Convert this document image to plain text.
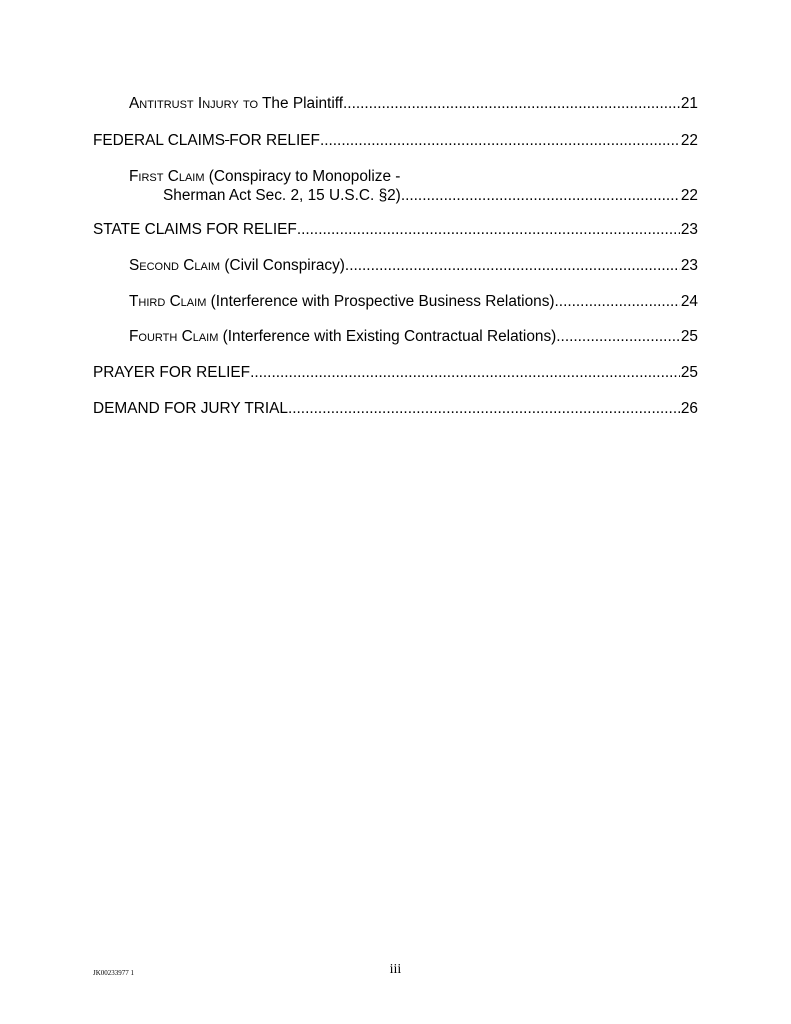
Antitrust Injury to The Plaintiff .....	21
FEDERAL CLAIMS FOR RELIEF .....	22
First Claim (Conspiracy to Monopolize -
Sherman Act Sec. 2, 15 U.S.C. §2) .....	22
STATE CLAIMS FOR RELIEF .....	23
Second Claim (Civil Conspiracy) .....	23
Third Claim (Interference with Prospective Business Relations) .....	24
Fourth Claim (Interference with Existing Contractual Relations) .....	25
PRAYER FOR RELIEF .....	25
DEMAND FOR JURY TRIAL .....	26
JK00233977 1	iii
